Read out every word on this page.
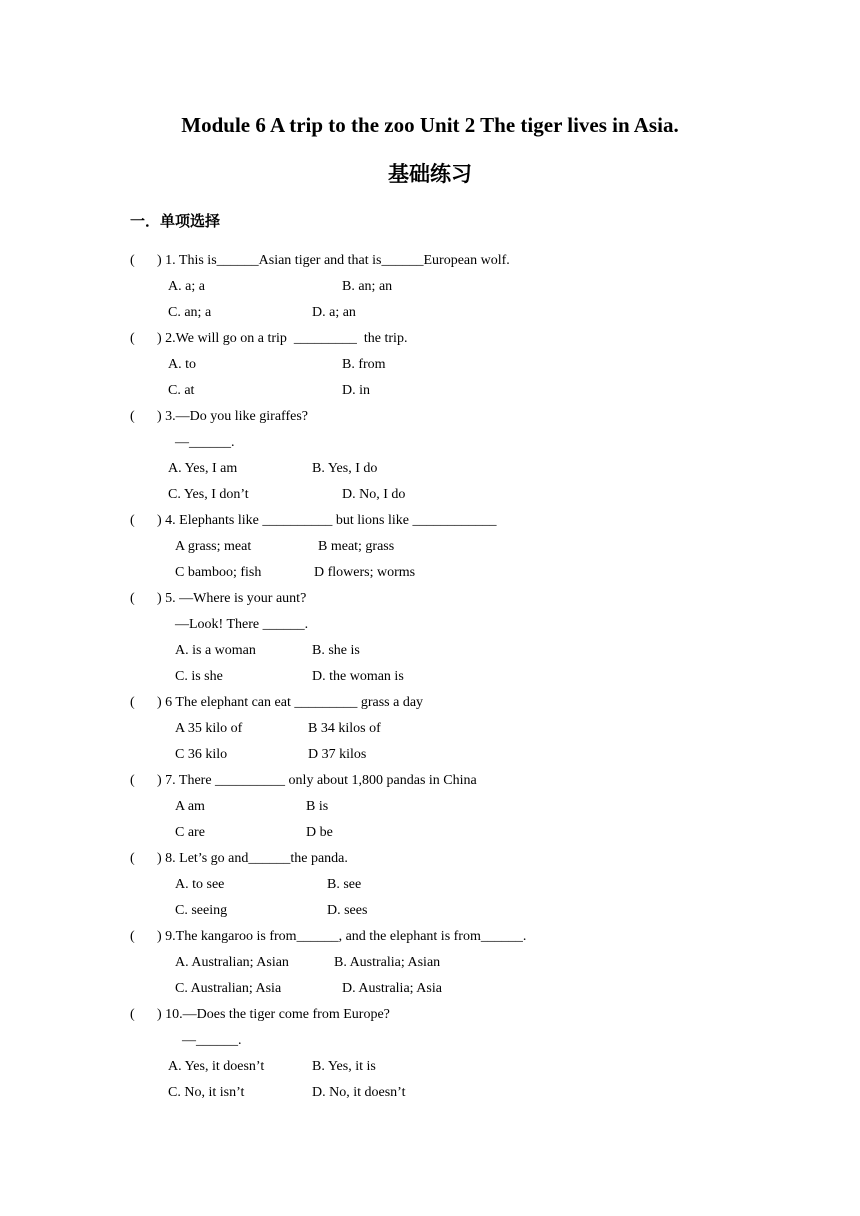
Module 6 A trip to the zoo Unit 2 The tiger lives in Asia.
基础练习
一．单项选择
( ) 1. This is______Asian tiger and that is______European wolf.
A. a; a	B. an; an
C. an; a	D. a; an
( ) 2.We will go on a trip  _________  the trip.
A. to	B. from
C. at	D. in
( ) 3.—Do you like giraffes?
—______.
A. Yes, I am	B. Yes, I do
C. Yes, I don’t	D. No, I do
( ) 4. Elephants like __________ but lions like ____________
A grass; meat	B meat; grass
C bamboo; fish	D flowers; worms
( ) 5. —Where is your aunt?
—Look! There ______.
A. is a woman	B. she is
C. is she	D. the woman is
( ) 6 The elephant can eat _________ grass a day
A 35 kilo of	B 34 kilos of
C 36 kilo	D 37 kilos
( ) 7. There __________ only about 1,800 pandas in China
A am	B is
C are	D be
( ) 8. Let’s go and______the panda.
A. to see	B. see
C. seeing	D. sees
( ) 9.The kangaroo is from______, and the elephant is from______.
A. Australian; Asian	B. Australia; Asian
C. Australian; Asia	D. Australia; Asia
( ) 10.—Does the tiger come from Europe?
—______.
A. Yes, it doesn’t	B. Yes, it is
C. No, it isn’t	D. No, it doesn’t
